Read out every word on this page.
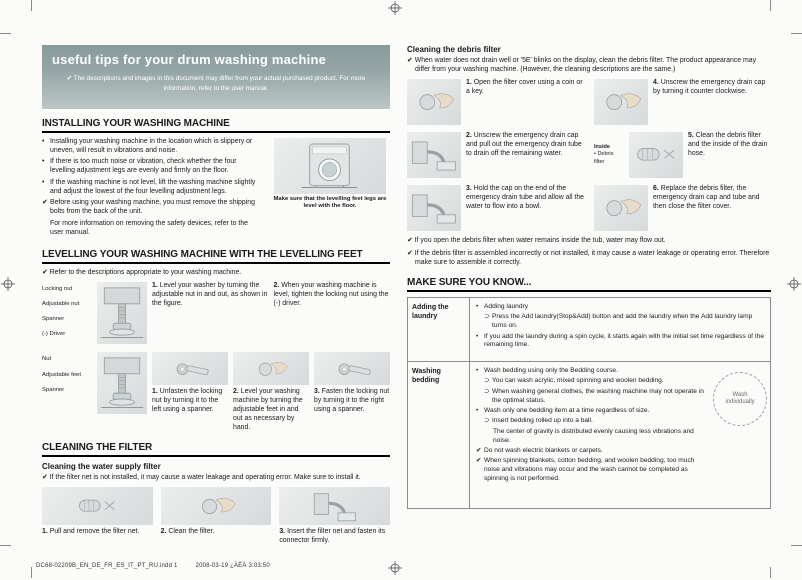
useful tips for your drum washing machine
✔ The descriptions and images in this document may differ from your actual purchased product. For more information, refer to the user manual.
INSTALLING YOUR WASHING MACHINE
• Installing your washing machine in the location which is slippery or uneven, will result in vibrations and noise.
• If there is too much noise or vibration, check whether the four levelling adjustment legs are evenly and firmly on the floor.
• If the washing machine is not level, lift the washing machine slightly and adjust the lowest of the four levelling adjustment legs.
✔ Before using your washing machine, you must remove the shipping bolts from the back of the unit.
For more information on removing the safety devices, refer to the user manual.
Make sure that the levelling feet legs are level with the floor.
LEVELLING YOUR WASHING MACHINE WITH THE LEVELLING FEET

✔ Refer to the descriptions appropriate to your washing machine.

Locking nut
Adjustable nut
Spanner
(-) Driver

1. Level your washer by turning the adjustable nut in and out, as shown in the figure.

2. When your washing machine is level, tighten the locking nut using the (-) driver.

Nut
Adjustable feet
Spanner	1. Unfasten the locking nut by turning it to the left using a spanner.

2. Level your washing machine by turning the adjustable feet in and out as necessary by hand.

3. Fasten the locking nut by turning it to the right using a spanner.

CLEANING THE FILTER
Cleaning the water supply filter

✔ If the filter net is not installed, it may cause a water leakage and operating error. Make sure to install it.

1. Pull and remove the filter net.	2. Clean the filter.	3. Insert the filter net and fasten its connector firmly.

Cleaning the debris filter

✔ When water does not drain well or '5E' blinks on the display, clean the debris filter. The product appearance may differ from your washing machine. (However, the cleaning descriptions are the same.)

1. Open the filter cover using a coin or a key.

2. Unscrew the emergency drain cap and pull out the emergency drain tube to drain off the remaining water.

3. Hold the cap on the end of the emergency drain tube and allow all the water to flow into a bowl.

4. Unscrew the emergency drain cap by turning it counter clockwise.

Inside
• Debris filter

5. Clean the debris filter and the inside of the drain hose.

6. Replace the debris filter, the emergency drain cap and tube and then close the filter cover.

✔ If you open the debris filter when water remains inside the tub, water may flow out.

✔ If the debris filter is assembled incorrectly or not installed, it may cause a water leakage or operating error. Therefore make sure to assemble it correctly.

MAKE SURE YOU KNOW...
Adding the laundry
• Adding laundry
⊃ Press the Add laundry(Stop&Add) button and add the laundry when the Add laundry lamp turns on.
• If you add the laundry during a spin cycle, it starts again with the initial set time regardless of the remaining time.
Washing bedding
• Wash bedding using only the Bedding course.
⊃ You can wash acrylic, mixed spinning and woolen bedding.
⊃ When washing general clothes, the washing machine may not operate in the optimal status.
• Wash only one bedding item at a time regardless of size.
⊃ Insert bedding rolled up into a ball.
The center of gravity is distributed evenly causing less vibrations and noise.
✔ Do not wash electric blankets or carpets.
✔ When spinning blankets, cotton bedding, and woolen bedding, too much noise and vibrations may occur and the wash cannot be completed as spinning is not performed.
Wash individually
DC68-02209B_EN_DE_FR_ES_IT_PT_RU.indd 1	2008-03-19 ¿ÀÈÄ 3:03:50
